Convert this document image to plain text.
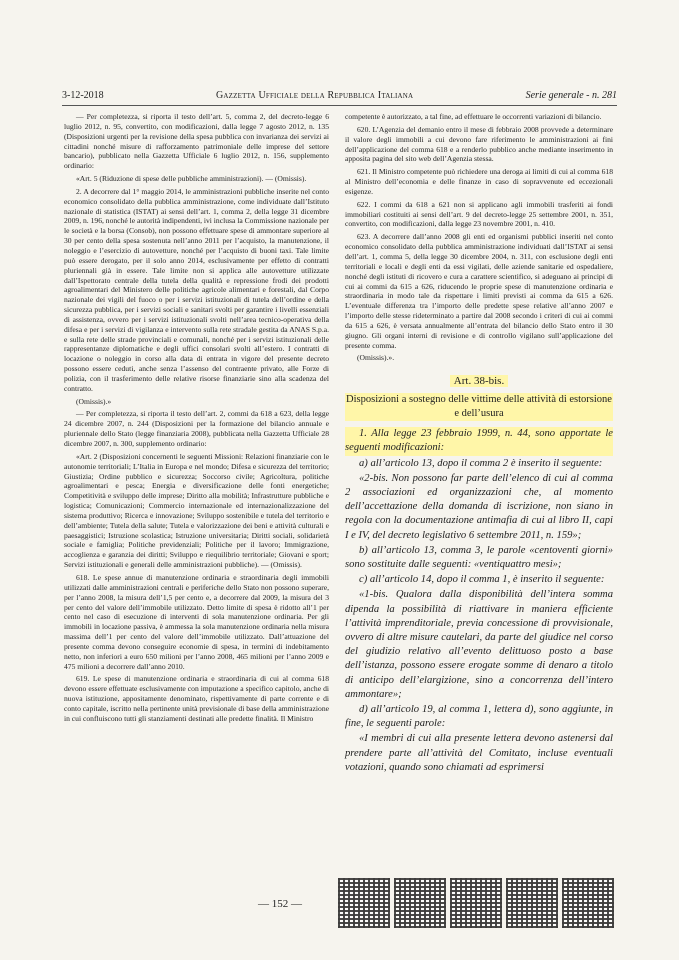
3-12-2018	Gazzetta Ufficiale della Repubblica Italiana	Serie generale - n. 281

— Per completezza, si riporta il testo dell’art. 5, comma 2, del decreto-legge 6 luglio 2012, n. 95, convertito, con modificazioni, dalla legge 7 agosto 2012, n. 135 (Disposizioni urgenti per la revisione della spesa pubblica con invarianza dei servizi ai cittadini nonché misure di rafforzamento patrimoniale delle imprese del settore bancario), pubblicato nella Gazzetta Ufficiale 6 luglio 2012, n. 156, supplemento ordinario:

«Art. 5 (Riduzione di spese delle pubbliche amministrazioni). — (Omissis).

2. A decorrere dal 1° maggio 2014, le amministrazioni pubbliche inserite nel conto economico consolidato della pubblica amministrazione, come individuate dall’Istituto nazionale di statistica (ISTAT) ai sensi dell’art. 1, comma 2, della legge 31 dicembre 2009, n. 196, nonché le autorità indipendenti, ivi inclusa la Commissione nazionale per le società e la borsa (Consob), non possono effettuare spese di ammontare superiore al 30 per cento della spesa sostenuta nell’anno 2011 per l’acquisto, la manutenzione, il noleggio e l’esercizio di autovetture, nonché per l’acquisto di buoni taxi. Tale limite può essere derogato, per il solo anno 2014, esclusivamente per effetto di contratti pluriennali già in essere. Tale limite non si applica alle autovetture utilizzate dall’Ispettorato centrale della tutela della qualità e repressione frodi dei prodotti agroalimentari del Ministero delle politiche agricole alimentari e forestali, dal Corpo nazionale dei vigili del fuoco o per i servizi istituzionali di tutela dell’ordine e della sicurezza pubblica, per i servizi sociali e sanitari svolti per garantire i livelli essenziali di assistenza, ovvero per i servizi istituzionali svolti nell’area tecnico-operativa della difesa e per i servizi di vigilanza e intervento sulla rete stradale gestita da ANAS S.p.a. e sulla rete delle strade provinciali e comunali, nonché per i servizi istituzionali delle rappresentanze diplomatiche e degli uffici consolari svolti all’estero. I contratti di locazione o noleggio in corso alla data di entrata in vigore del presente decreto possono essere ceduti, anche senza l’assenso del contraente privato, alle Forze di polizia, con il trasferimento delle relative risorse finanziarie sino alla scadenza del contratto.

(Omissis).»

— Per completezza, si riporta il testo dell’art. 2, commi da 618 a 623, della legge 24 dicembre 2007, n. 244 (Disposizioni per la formazione del bilancio annuale e pluriennale dello Stato (legge finanziaria 2008), pubblicata nella Gazzetta Ufficiale 28 dicembre 2007, n. 300, supplemento ordinario:

«Art. 2 (Disposizioni concernenti le seguenti Missioni: Relazioni finanziarie con le autonomie territoriali; L’Italia in Europa e nel mondo; Difesa e sicurezza del territorio; Giustizia; Ordine pubblico e sicurezza; Soccorso civile; Agricoltura, politiche agroalimentari e pesca; Energia e diversificazione delle fonti energetiche; Competitività e sviluppo delle imprese; Diritto alla mobilità; Infrastrutture pubbliche e logistica; Comunicazioni; Commercio internazionale ed internazionalizzazione del sistema produttivo; Ricerca e innovazione; Sviluppo sostenibile e tutela del territorio e dell’ambiente; Tutela della salute; Tutela e valorizzazione dei beni e attività culturali e paesaggistici; Istruzione scolastica; Istruzione universitaria; Diritti sociali, solidarietà sociale e famiglia; Politiche previdenziali; Politiche per il lavoro; Immigrazione, accoglienza e garanzia dei diritti; Sviluppo e riequilibrio territoriale; Giovani e sport; Servizi istituzionali e generali delle amministrazioni pubbliche). — (Omissis).

618. Le spese annue di manutenzione ordinaria e straordinaria degli immobili utilizzati dalle amministrazioni centrali e periferiche dello Stato non possono superare, per l’anno 2008, la misura dell’1,5 per cento e, a decorrere dal 2009, la misura del 3 per cento del valore dell’immobile utilizzato. Detto limite di spesa è ridotto all’1 per cento nel caso di esecuzione di interventi di sola manutenzione ordinaria. Per gli immobili in locazione passiva, è ammessa la sola manutenzione ordinaria nella misura massima dell’1 per cento del valore dell’immobile utilizzato. Dall’attuazione del presente comma devono conseguire economie di spesa, in termini di indebitamento netto, non inferiori a euro 650 milioni per l’anno 2008, 465 milioni per l’anno 2009 e 475 milioni a decorrere dall’anno 2010.

619. Le spese di manutenzione ordinaria e straordinaria di cui al comma 618 devono essere effettuate esclusivamente con imputazione a specifico capitolo, anche di nuova istituzione, appositamente denominato, rispettivamente di parte corrente e di conto capitale, iscritto nella pertinente unità previsionale di base della amministrazione in cui confluiscono tutti gli stanziamenti destinati alle predette finalità. Il Ministro

competente è autorizzato, a tal fine, ad effettuare le occorrenti variazioni di bilancio.

620. L’Agenzia del demanio entro il mese di febbraio 2008 provvede a determinare il valore degli immobili a cui devono fare riferimento le amministrazioni ai fini dell’applicazione del comma 618 e a renderlo pubblico anche mediante inserimento in apposita pagina del sito web dell’Agenzia stessa.

621. Il Ministro competente può richiedere una deroga ai limiti di cui al comma 618 al Ministro dell’economia e delle finanze in caso di sopravvenute ed eccezionali esigenze.

622. I commi da 618 a 621 non si applicano agli immobili trasferiti ai fondi immobiliari costituiti ai sensi dell’art. 9 del decreto-legge 25 settembre 2001, n. 351, convertito, con modificazioni, dalla legge 23 novembre 2001, n. 410.

623. A decorrere dall’anno 2008 gli enti ed organismi pubblici inseriti nel conto economico consolidato della pubblica amministrazione individuati dall’ISTAT ai sensi dell’art. 1, comma 5, della legge 30 dicembre 2004, n. 311, con esclusione degli enti territoriali e locali e degli enti da essi vigilati, delle aziende sanitarie ed ospedaliere, nonché degli istituti di ricovero e cura a carattere scientifico, si adeguano ai principi di cui ai commi da 615 a 626, riducendo le proprie spese di manutenzione ordinaria e straordinaria in modo tale da rispettare i limiti previsti ai comma da 615 a 626. L’eventuale differenza tra l’importo delle predette spese relative all’anno 2007 e l’importo delle stesse rideterminato a partire dal 2008 secondo i criteri di cui ai commi da 615 a 626, è versata annualmente all’entrata del bilancio dello Stato entro il 30 giugno. Gli organi interni di revisione e di controllo vigilano sull’applicazione del presente comma.

(Omissis).».

Art. 38-bis.
Disposizioni a sostegno delle vittime delle attività di estorsione e dell’usura

1. Alla legge 23 febbraio 1999, n. 44, sono apportate le seguenti modificazioni:

a) all’articolo 13, dopo il comma 2 è inserito il seguente:

«2-bis. Non possono far parte dell’elenco di cui al comma 2 associazioni ed organizzazioni che, al momento dell’accettazione della domanda di iscrizione, non siano in regola con la documentazione antimafia di cui al libro II, capi I e IV, del decreto legislativo 6 settembre 2011, n. 159»;

b) all’articolo 13, comma 3, le parole «centoventi giorni» sono sostituite dalle seguenti: «ventiquattro mesi»;

c) all’articolo 14, dopo il comma 1, è inserito il seguente:

«1-bis. Qualora dalla disponibilità dell’intera somma dipenda la possibilità di riattivare in maniera efficiente l’attività imprenditoriale, previa concessione di provvisionale, ovvero di altre misure cautelari, da parte del giudice nel corso del giudizio relativo all’evento delittuoso posto a base dell’istanza, possono essere erogate somme di denaro a titolo di anticipo dell’elargizione, sino a concorrenza dell’intero ammontare»;

d) all’articolo 19, al comma 1, lettera d), sono aggiunte, in fine, le seguenti parole:

«I membri di cui alla presente lettera devono astenersi dal prendere parte all’attività del Comitato, incluse eventuali votazioni, quando sono chiamati ad esprimersi

— 152 —
